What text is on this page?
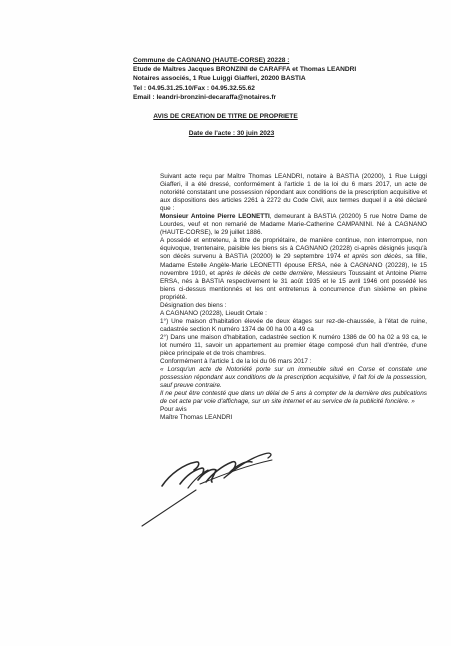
Commune de CAGNANO (HAUTE-CORSE) 20228 :
Etude de Maîtres Jacques BRONZINI de CARAFFA et Thomas LEANDRI
Notaires associés, 1 Rue Luiggi Giafferi, 20200 BASTIA
Tel : 04.95.31.25.10/Fax : 04.95.32.55.62
Email : leandri-bronzini-decaraffa@notaires.fr
AVIS DE CREATION DE TITRE DE PROPRIETE
Date de l'acte : 30 juin 2023

Suivant acte reçu par Maître Thomas LEANDRI, notaire à BASTIA (20200), 1 Rue Luiggi Giafferi, il a été dressé, conformément à l'article 1 de la loi du 6 mars 2017, un acte de notoriété constatant une possession répondant aux conditions de la prescription acquisitive et aux dispositions des articles 2261 à 2272 du Code Civil, aux termes duquel il a été déclaré que :

Monsieur Antoine Pierre LEONETTI, demeurant à BASTIA (20200) 5 rue Notre Dame de Lourdes, veuf et non remarié de Madame Marie-Catherine CAMPANINI. Né à CAGNANO (HAUTE-CORSE), le 29 juillet 1886.

A possédé et entretenu, à titre de propriétaire, de manière continue, non interrompue, non équivoque, trentenaire, paisible les biens sis à CAGNANO (20228) ci-après désignés jusqu'à son décès survenu à BASTIA (20200) le 29 septembre 1974 et après son décès, sa fille, Madame Estelle Angèle-Marie LEONETTI épouse ERSA, née à CAGNANO (20228), le 15 novembre 1910, et après le décès de cette dernière, Messieurs Toussaint et Antoine Pierre ERSA, nés à BASTIA respectivement le 31 août 1935 et le 15 avril 1946 ont possédé les biens ci-dessus mentionnés et les ont entretenus à concurrence d'un sixième en pleine propriété.

Désignation des biens :

A CAGNANO (20228), Lieudit Ortale :

1°) Une maison d'habitation élevée de deux étages sur rez-de-chaussée, à l'état de ruine, cadastrée section K numéro 1374 de 00 ha 00 a 49 ca

2°) Dans une maison d'habitation, cadastrée section K numéro 1386 de 00 ha 02 a 93 ca, le lot numéro 11, savoir un appartement au premier étage composé d'un hall d'entrée, d'une pièce principale et de trois chambres.

Conformément à l'article 1 de la loi du 06 mars 2017 :

« Lorsqu'un acte de Notoriété porte sur un immeuble situé en Corse et constate une possession répondant aux conditions de la prescription acquisitive, il fait foi de la possession, sauf preuve contraire.

Il ne peut être contesté que dans un délai de 5 ans à compter de la dernière des publications de cet acte par voie d'affichage, sur un site internet et au service de la publicité foncière. »

Pour avis

Maître Thomas LEANDRI
